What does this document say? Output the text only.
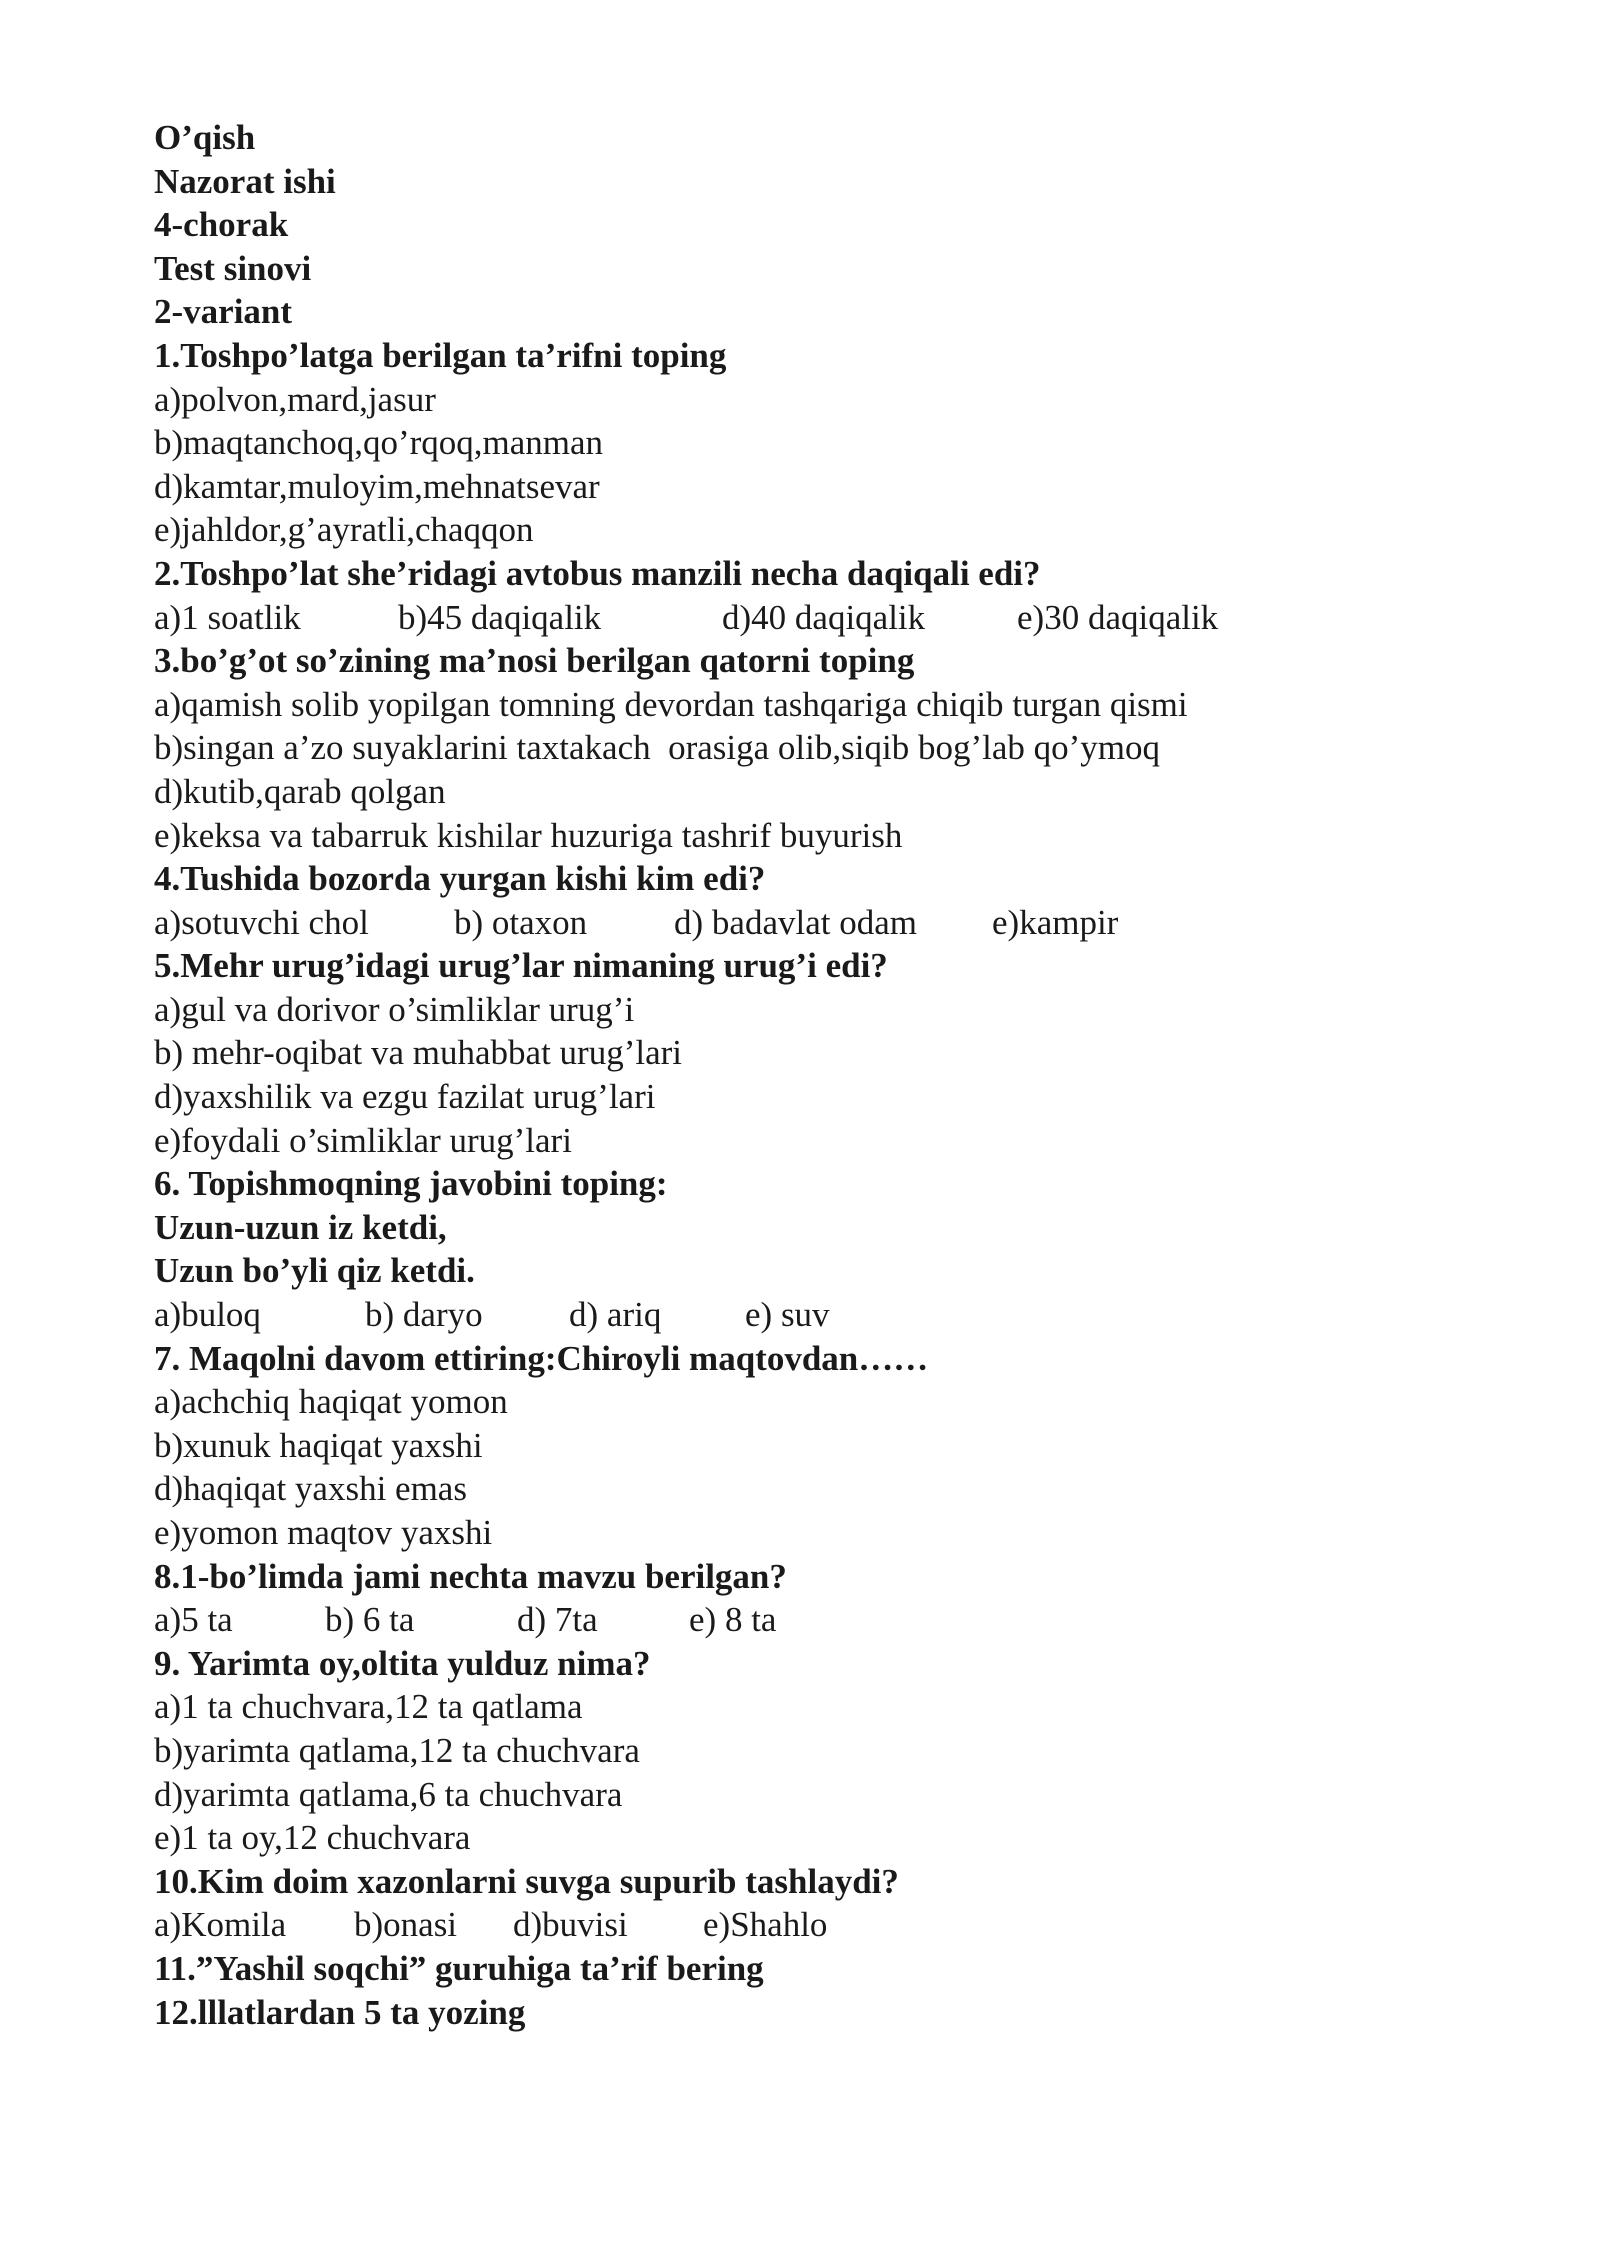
O’qish
Nazorat ishi
4-chorak
Test sinovi
2-variant
1.Toshpo’latga berilgan ta’rifni toping
a)polvon,mard,jasur
b)maqtanchoq,qo’rqoq,manman
d)kamtar,muloyim,mehnatsevar
e)jahldor,g’ayratli,chaqqon
2.Toshpo’lat she’ridagi avtobus manzili necha daqiqali edi?
a)1 soatlik	b)45 daqiqalik	d)40 daqiqalik	e)30 daqiqalik
3.bo’g’ot so’zining ma’nosi berilgan qatorni toping
a)qamish solib yopilgan tomning devordan tashqariga chiqib turgan qismi
b)singan a’zo suyaklarini taxtakach  orasiga olib,siqib bog’lab qo’ymoq
d)kutib,qarab qolgan
e)keksa va tabarruk kishilar huzuriga tashrif buyurish
4.Tushida bozorda yurgan kishi kim edi?
a)sotuvchi chol	b) otaxon	d) badavlat odam	e)kampir
5.Mehr urug’idagi urug’lar nimaning urug’i edi?
a)gul va dorivor o’simliklar urug’i
b) mehr-oqibat va muhabbat urug’lari
d)yaxshilik va ezgu fazilat urug’lari
e)foydali o’simliklar urug’lari
6. Topishmoqning javobini toping:
Uzun-uzun iz ketdi,
Uzun bo’yli qiz ketdi.
a)buloq	b) daryo	d) ariq	e) suv
7. Maqolni davom ettiring:Chiroyli maqtovdan……
a)achchiq haqiqat yomon
b)xunuk haqiqat yaxshi
d)haqiqat yaxshi emas
e)yomon maqtov yaxshi
8.1-bo’limda jami nechta mavzu berilgan?
a)5 ta	b) 6 ta	d) 7ta	e) 8 ta
9. Yarimta oy,oltita yulduz nima?
a)1 ta chuchvara,12 ta qatlama
b)yarimta qatlama,12 ta chuchvara
d)yarimta qatlama,6 ta chuchvara
e)1 ta oy,12 chuchvara
10.Kim doim xazonlarni suvga supurib tashlaydi?
a)Komila	b)onasi	d)buvisi	e)Shahlo
11.”Yashil soqchi” guruhiga ta’rif bering
12.lllatlardan 5 ta yozing
